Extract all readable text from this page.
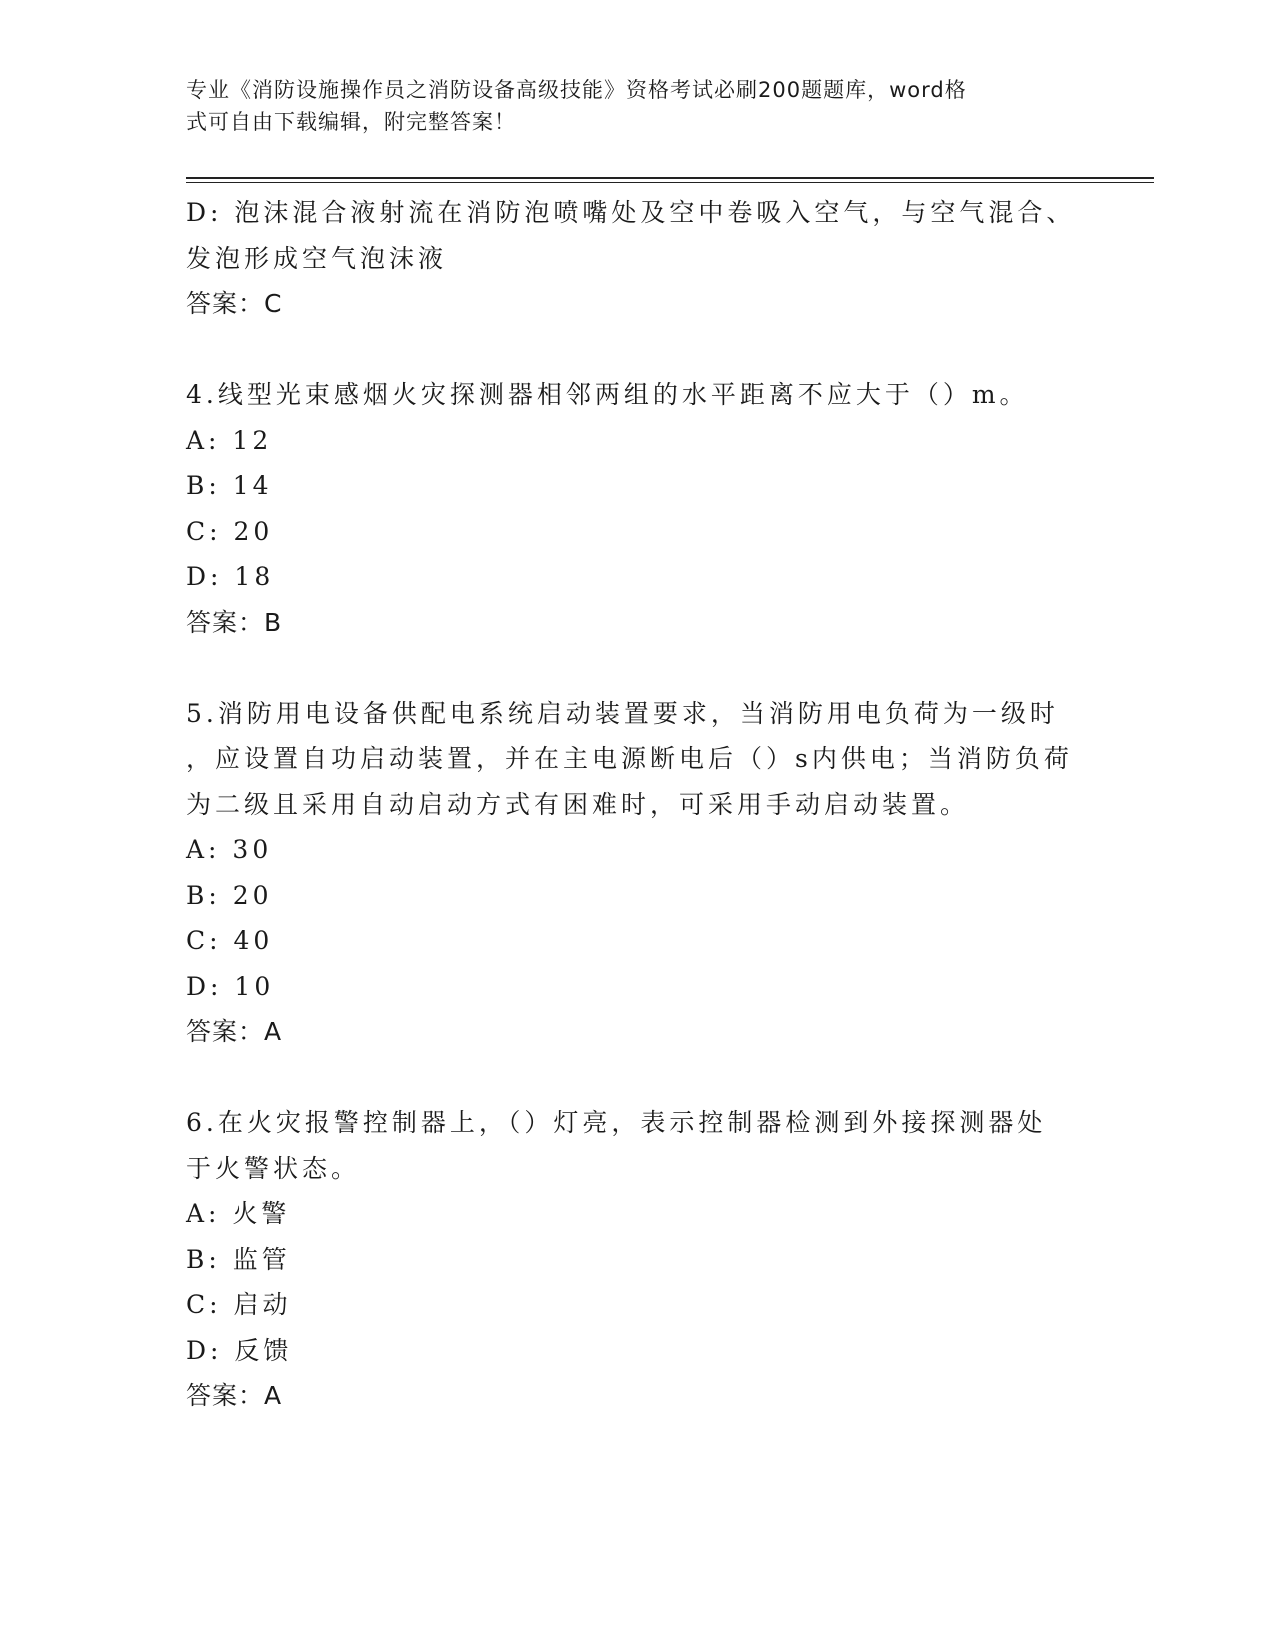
专业《消防设施操作员之消防设备高级技能》资格考试必刷200题题库，word格
式可自由下载编辑，附完整答案！
D: 泡沫混合液射流在消防泡喷嘴处及空中卷吸入空气，与空气混合、
发泡形成空气泡沫液
答案：C
4.线型光束感烟火灾探测器相邻两组的水平距离不应大于（）m。
A: 12
B: 14
C: 20
D: 18
答案：B
5.消防用电设备供配电系统启动装置要求，当消防用电负荷为一级时
，应设置自功启动装置，并在主电源断电后（）s内供电；当消防负荷
为二级且采用自动启动方式有困难时，可采用手动启动装置。
A: 30
B: 20
C: 40
D: 10
答案：A
6.在火灾报警控制器上，（）灯亮，表示控制器检测到外接探测器处
于火警状态。
A: 火警
B: 监管
C: 启动
D: 反馈
答案：A
